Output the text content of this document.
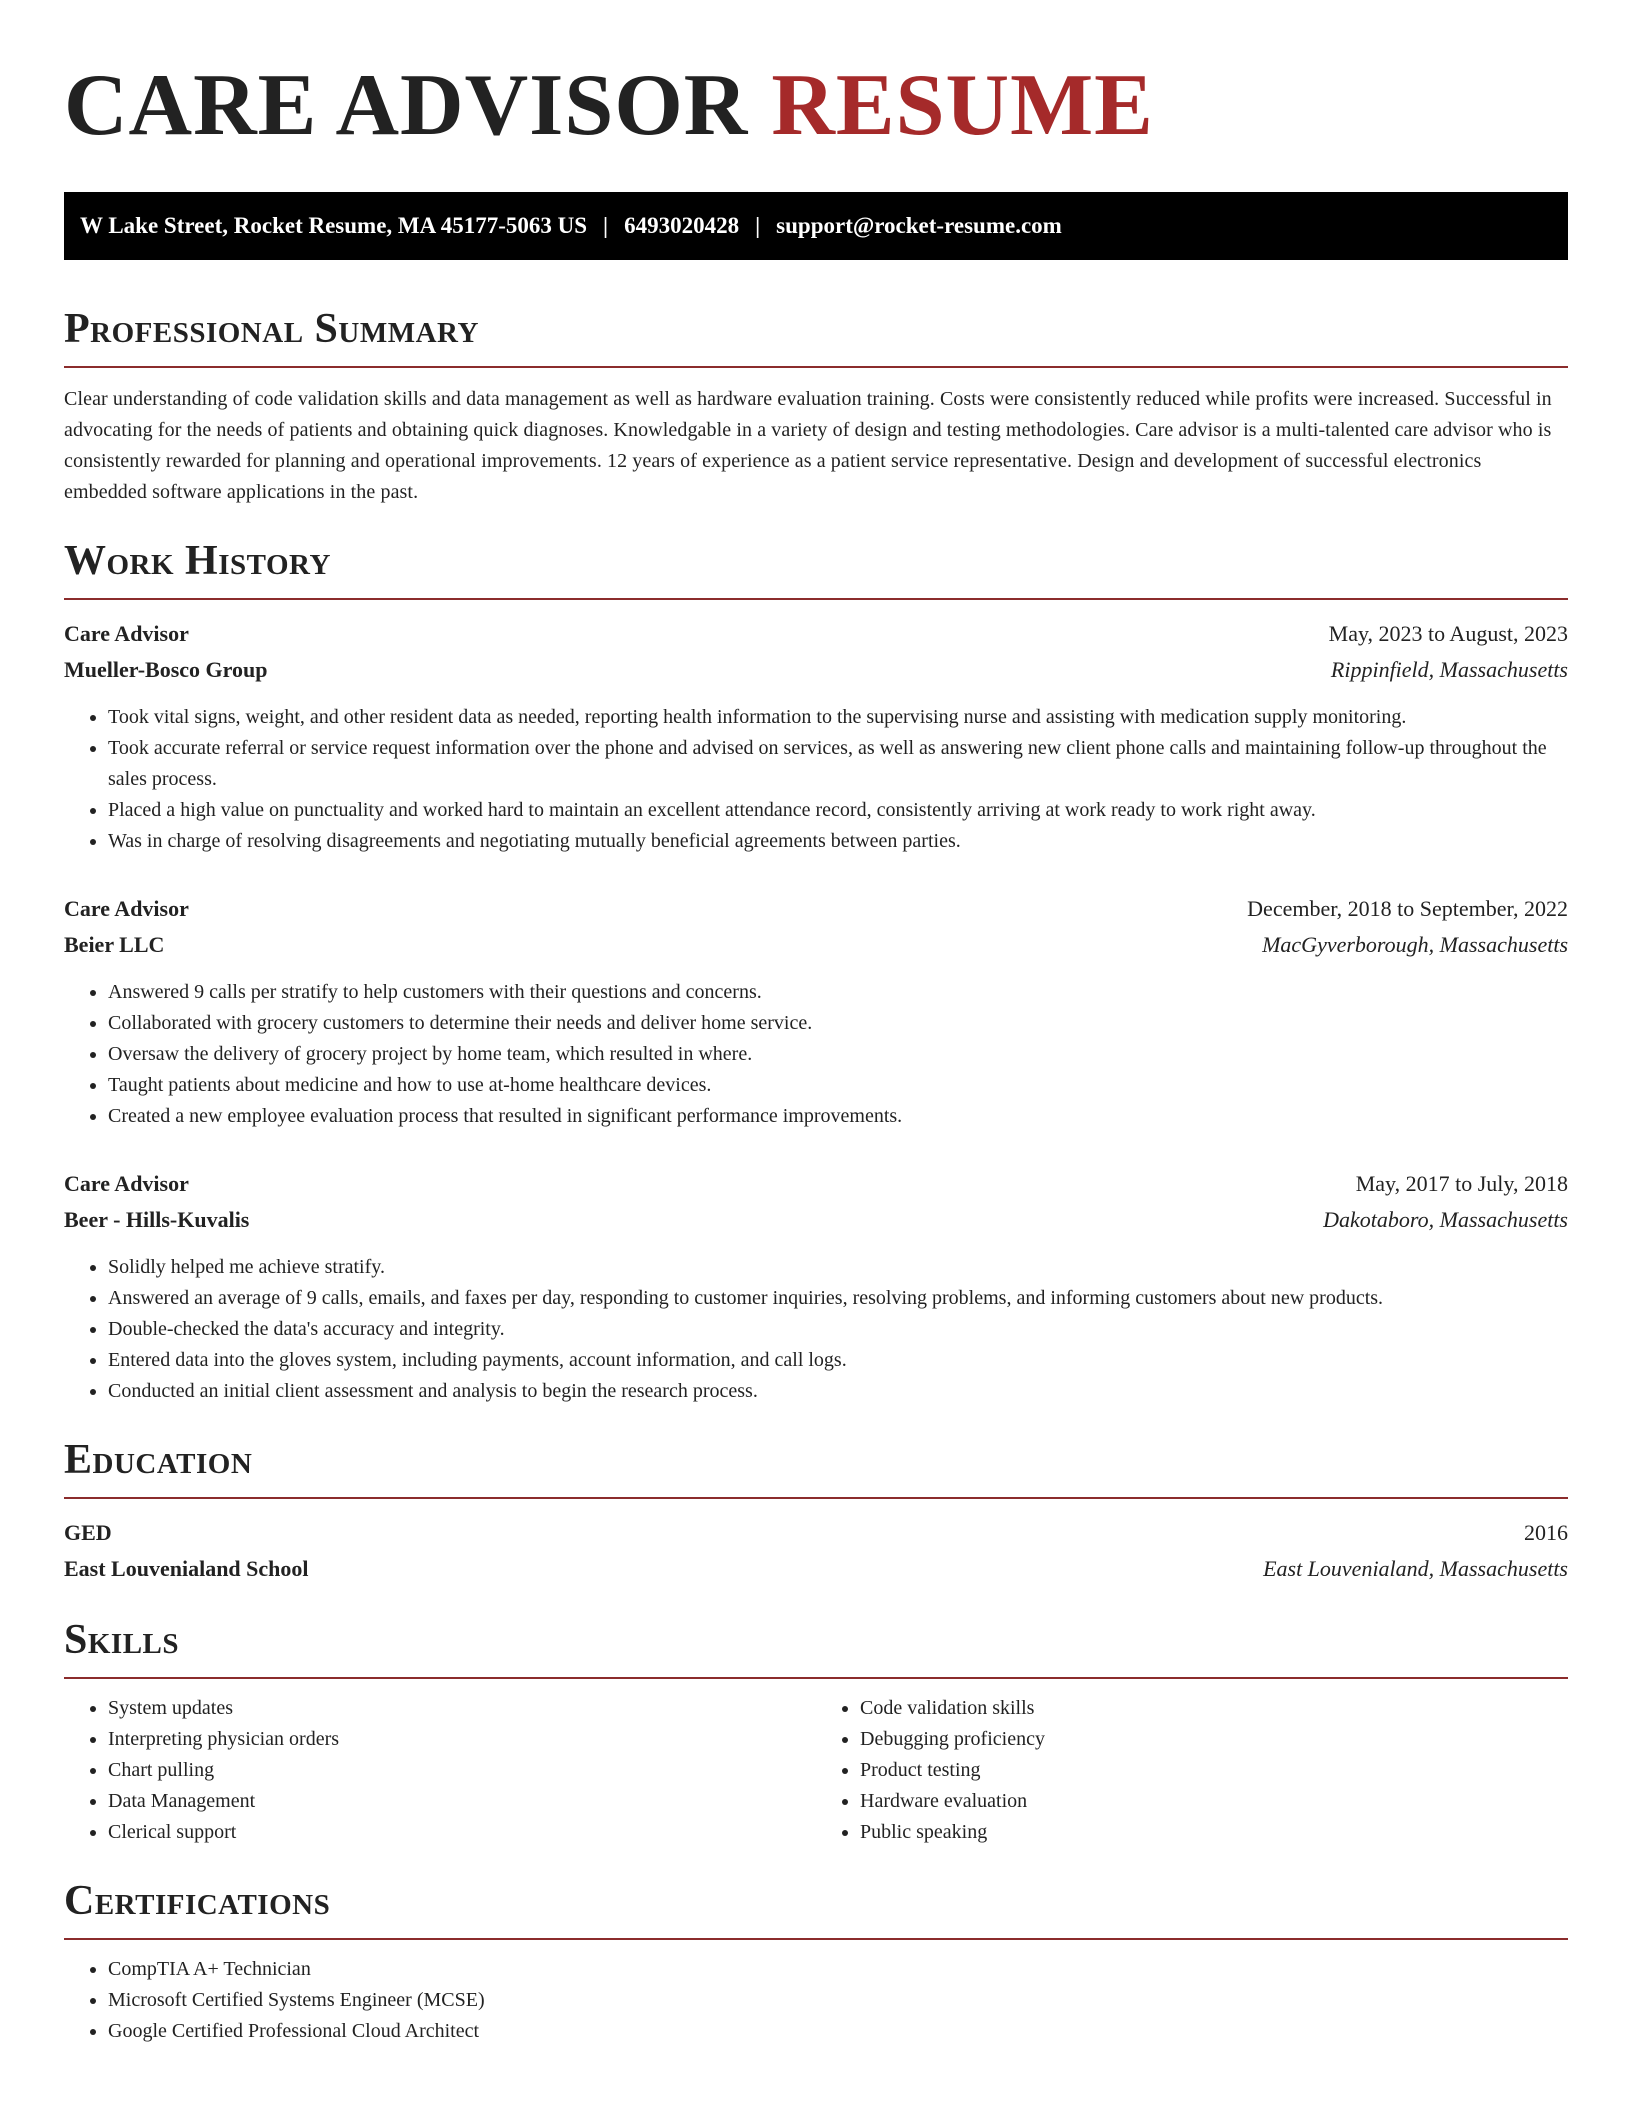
CARE ADVISOR RESUME
W Lake Street, Rocket Resume, MA 45177-5063 US | 6493020428 | support@rocket-resume.com
Professional Summary

Clear understanding of code validation skills and data management as well as hardware evaluation training. Costs were consistently reduced while profits were increased. Successful in advocating for the needs of patients and obtaining quick diagnoses. Knowledgable in a variety of design and testing methodologies. Care advisor is a multi-talented care advisor who is consistently rewarded for planning and operational improvements. 12 years of experience as a patient service representative. Design and development of successful electronics embedded software applications in the past.

Work History
Care Advisor	May, 2023 to August, 2023
Mueller-Bosco Group	Rippinfield, Massachusetts
• Took vital signs, weight, and other resident data as needed, reporting health information to the supervising nurse and assisting with medication supply monitoring.
• Took accurate referral or service request information over the phone and advised on services, as well as answering new client phone calls and maintaining follow-up throughout the sales process.
• Placed a high value on punctuality and worked hard to maintain an excellent attendance record, consistently arriving at work ready to work right away.
• Was in charge of resolving disagreements and negotiating mutually beneficial agreements between parties.
Care Advisor	December, 2018 to September, 2022
Beier LLC	MacGyverborough, Massachusetts
• Answered 9 calls per stratify to help customers with their questions and concerns.
• Collaborated with grocery customers to determine their needs and deliver home service.
• Oversaw the delivery of grocery project by home team, which resulted in where.
• Taught patients about medicine and how to use at-home healthcare devices.
• Created a new employee evaluation process that resulted in significant performance improvements.
Care Advisor	May, 2017 to July, 2018
Beer - Hills-Kuvalis	Dakotaboro, Massachusetts
• Solidly helped me achieve stratify.
• Answered an average of 9 calls, emails, and faxes per day, responding to customer inquiries, resolving problems, and informing customers about new products.
• Double-checked the data's accuracy and integrity.
• Entered data into the gloves system, including payments, account information, and call logs.
• Conducted an initial client assessment and analysis to begin the research process.
Education
GED	2016
East Louvenialand School	East Louvenialand, Massachusetts
Skills
• System updates
• Interpreting physician orders
• Chart pulling
• Data Management
• Clerical support
• Code validation skills
• Debugging proficiency
• Product testing
• Hardware evaluation
• Public speaking
Certifications
• CompTIA A+ Technician
• Microsoft Certified Systems Engineer (MCSE)
• Google Certified Professional Cloud Architect
